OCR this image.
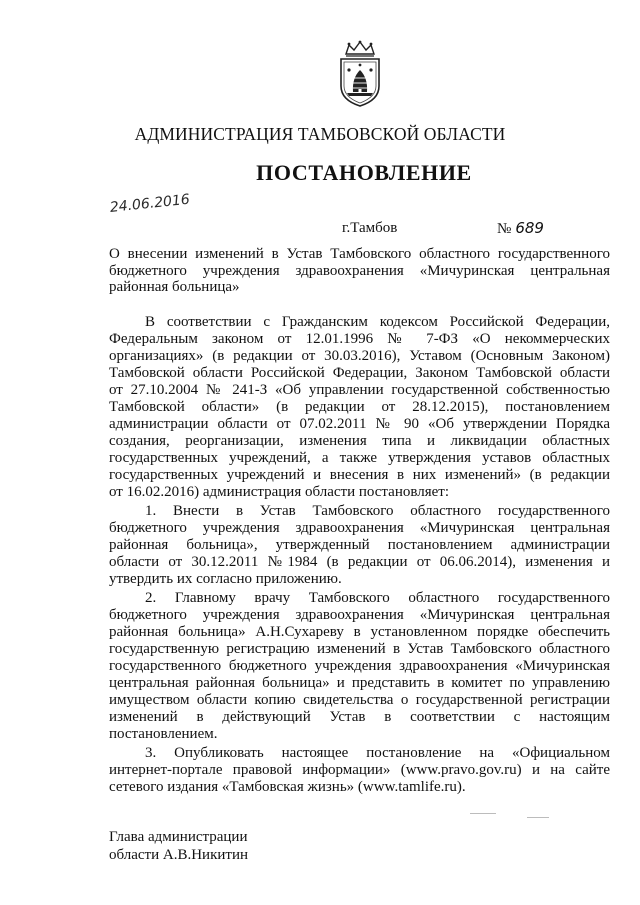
АДМИНИСТРАЦИЯ ТАМБОВСКОЙ ОБЛАСТИ
ПОСТАНОВЛЕНИЕ
24.06.2016
г.Тамбов	№ 689
О внесении изменений в Устав Тамбовского областного государственного
бюджетного учреждения здравоохранения «Мичуринская центральная
районная больница»
В соответствии с Гражданским кодексом Российской Федерации,
Федеральным законом от 12.01.1996 № 7-ФЗ «О некоммерческих
организациях» (в редакции от 30.03.2016), Уставом (Основным Законом)
Тамбовской области Российской Федерации, Законом Тамбовской области
от 27.10.2004 № 241-З «Об управлении государственной собственностью
Тамбовской области» (в редакции от 28.12.2015), постановлением
администрации области от 07.02.2011 № 90 «Об утверждении Порядка
создания, реорганизации, изменения типа и ликвидации областных
государственных учреждений, а также утверждения уставов областных
государственных учреждений и внесения в них изменений» (в редакции
от 16.02.2016) администрация области постановляет:
1. Внести в Устав Тамбовского областного государственного
бюджетного учреждения здравоохранения «Мичуринская центральная
районная больница», утвержденный постановлением администрации
области от 30.12.2011 №1984 (в редакции от 06.06.2014), изменения и
утвердить их согласно приложению.
2. Главному врачу Тамбовского областного государственного
бюджетного учреждения здравоохранения «Мичуринская центральная
районная больница» А.Н.Сухареву в установленном порядке обеспечить
государственную регистрацию изменений в Устав Тамбовского областного
государственного бюджетного учреждения здравоохранения «Мичуринская
центральная районная больница» и представить в комитет по управлению
имуществом области копию свидетельства о государственной регистрации
изменений в действующий Устав в соответствии с настоящим
постановлением.
3. Опубликовать настоящее постановление на «Официальном
интернет-портале правовой информации» (www.pravo.gov.ru) и на сайте
сетевого издания «Тамбовская жизнь» (www.tamlife.ru).
Глава администрации
области А.В.Никитин
